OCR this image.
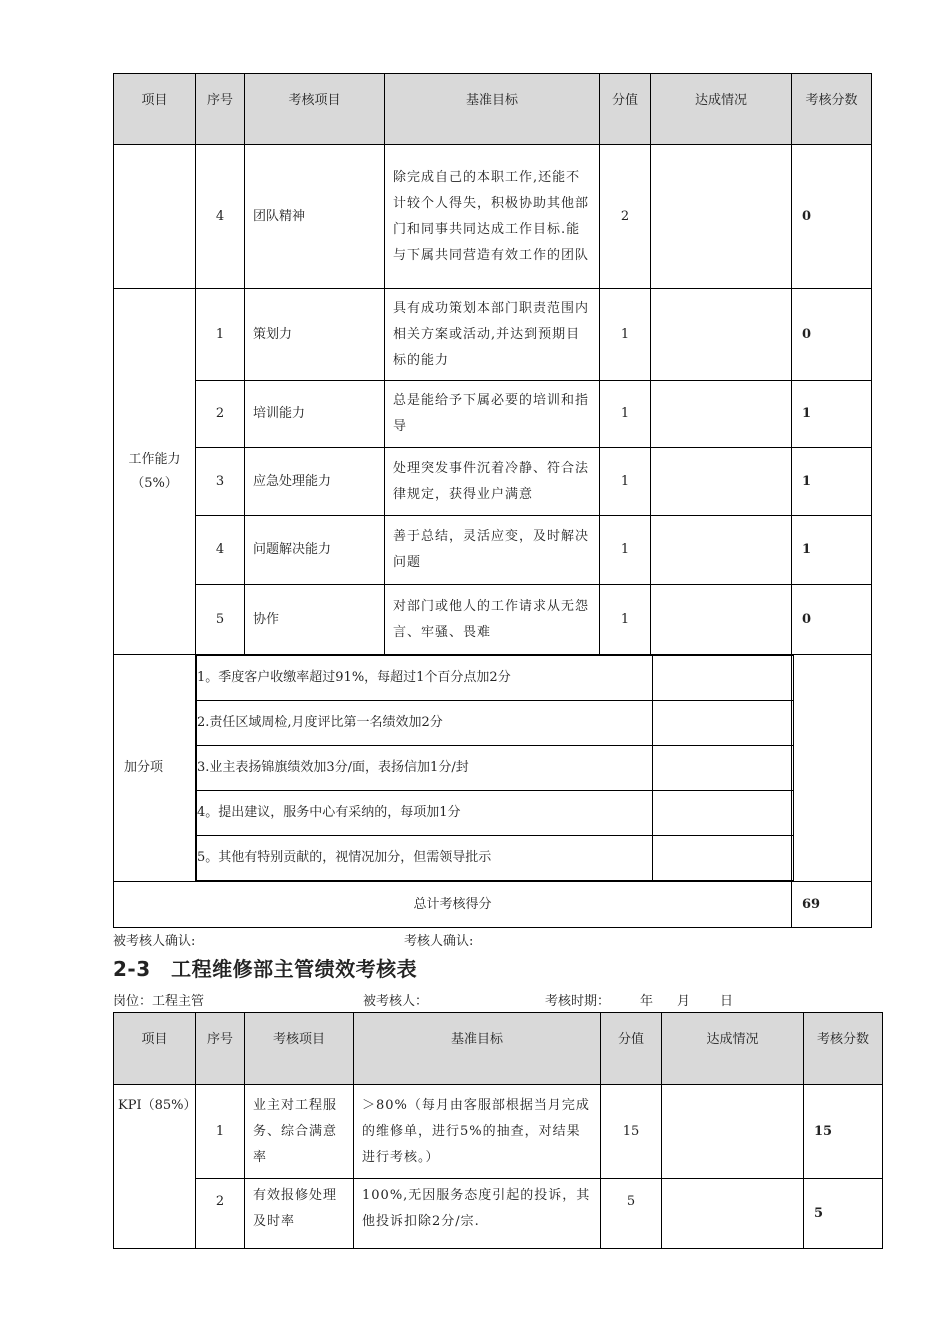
项目	序号	考核项目	基准目标	分值	达成情况	考核分数
	4	团队精神	除完成自己的本职工作,还能不计较个人得失，积极协助其他部门和同事共同达成工作目标.能与下属共同营造有效工作的团队	2		0
工作能力（5%）	1	策划力	具有成功策划本部门职责范围内相关方案或活动,并达到预期目标的能力	1		0
2	培训能力	总是能给予下属必要的培训和指导	1		1
3	应急处理能力	处理突发事件沉着冷静、符合法律规定，获得业户满意	1		1
4	问题解决能力	善于总结，灵活应变，及时解决问题	1		1
5	协作	对部门或他人的工作请求从无怨言、牢骚、畏难	1		0
加分项	
1。季度客户收缴率超过91%，每超过1个百分点加2分	
2.责任区域周检,月度评比第一名绩效加2分	
3.业主表扬锦旗绩效加3分/面，表扬信加1分/封	
4。提出建议，服务中心有采纳的，每项加1分	
5。其他有特别贡献的，视情况加分，但需领导批示	

总计考核得分	69
被考核人确认:	考核人确认:
2-3　工程维修部主管绩效考核表
岗位：工程主管	被考核人：	考核时期： 年 月 日
项目	序号	考核项目	基准目标	分值	达成情况	考核分数
KPI（85%）	1	业主对工程服务、综合满意率	＞80%（每月由客服部根据当月完成的维修单，进行5%的抽查，对结果进行考核。）	15		15
	2	有效报修处理及时率	100%,无因服务态度引起的投诉，其他投诉扣除2分/宗.	5		5
